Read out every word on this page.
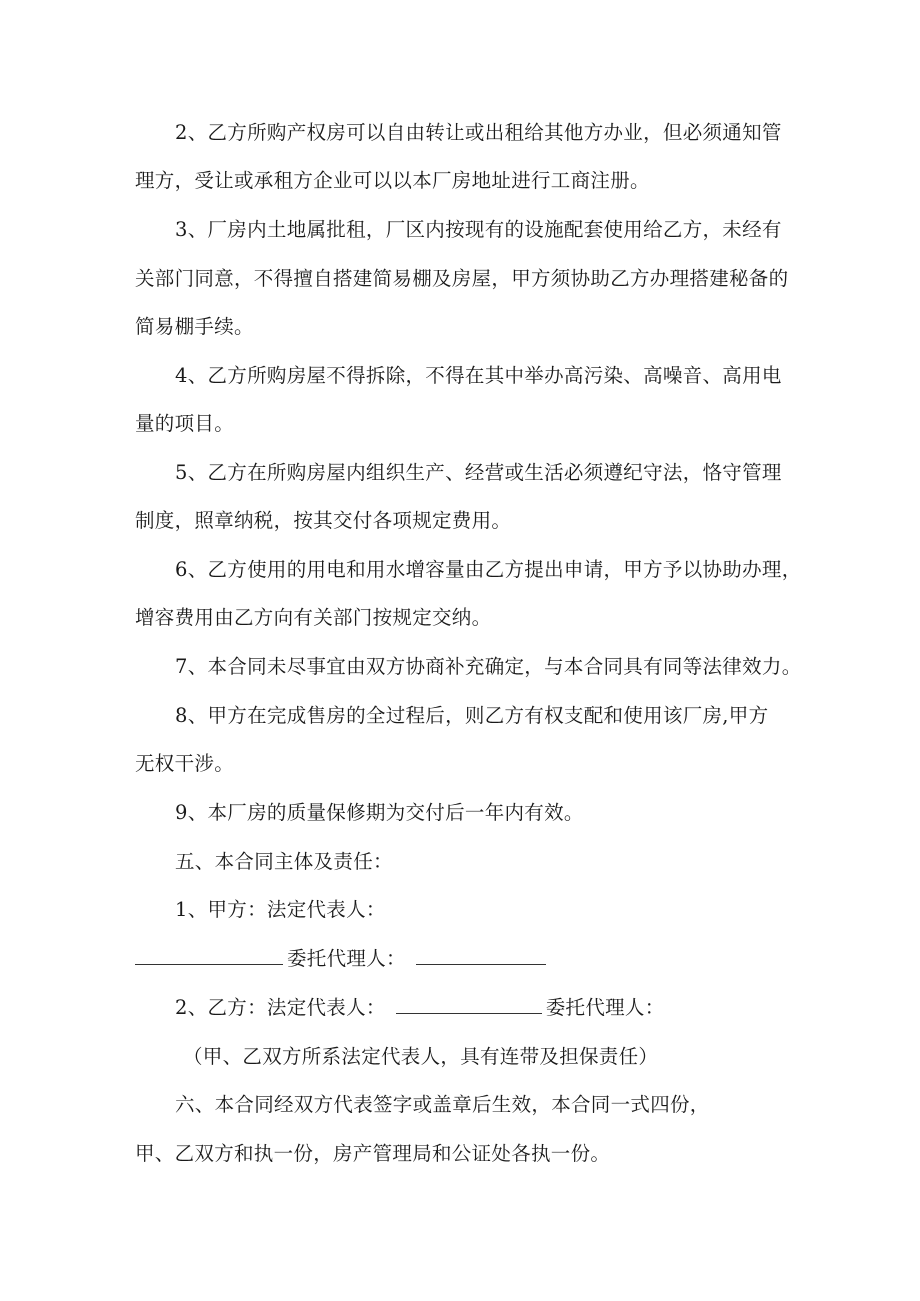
2、乙方所购产权房可以自由转让或出租给其他方办业，但必须通知管
理方，受让或承租方企业可以以本厂房地址进行工商注册。
3、厂房内土地属批租，厂区内按现有的设施配套使用给乙方，未经有
关部门同意，不得擅自搭建简易棚及房屋，甲方须协助乙方办理搭建秘备的
简易棚手续。
4、乙方所购房屋不得拆除，不得在其中举办高污染、高噪音、高用电
量的项目。
5、乙方在所购房屋内组织生产、经营或生活必须遵纪守法，恪守管理
制度，照章纳税，按其交付各项规定费用。
6、乙方使用的用电和用水增容量由乙方提出申请，甲方予以协助办理，
增容费用由乙方向有关部门按规定交纳。
7、本合同未尽事宜由双方协商补充确定，与本合同具有同等法律效力。
8、甲方在完成售房的全过程后，则乙方有权支配和使用该厂房,甲方
无权干涉。
9、本厂房的质量保修期为交付后一年内有效。
五、本合同主体及责任：
1、甲方：法定代表人：
委托代理人：
2、乙方：法定代表人：	委托代理人：
（甲、乙双方所系法定代表人，具有连带及担保责任）
六、本合同经双方代表签字或盖章后生效，本合同一式四份，
甲、乙双方和执一份，房产管理局和公证处各执一份。
